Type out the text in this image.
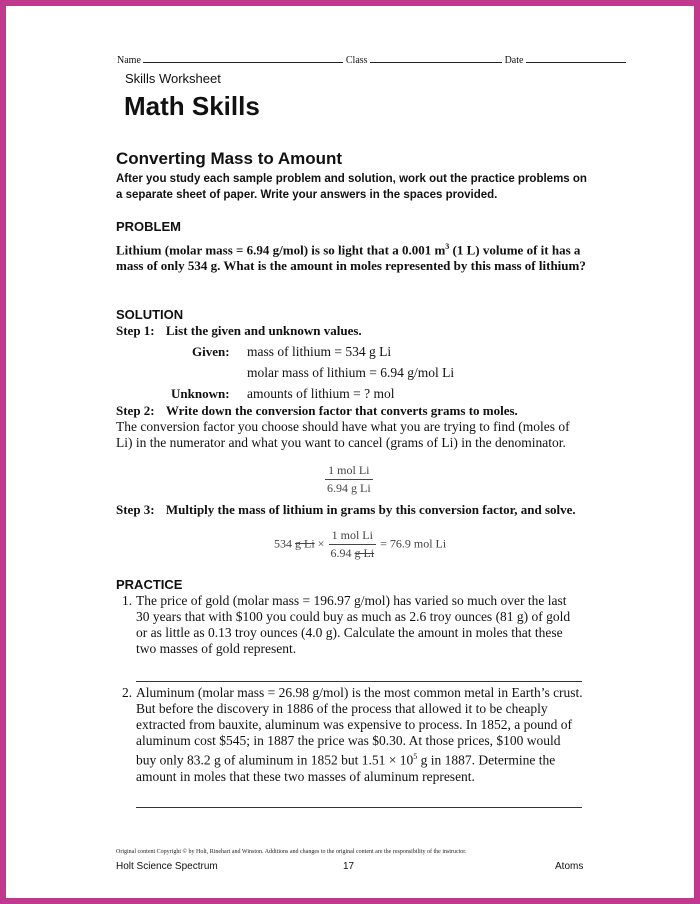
Name	Class	Date
Skills Worksheet
Math Skills
Converting Mass to Amount
After you study each sample problem and solution, work out the practice problems on a separate sheet of paper. Write your answers in the spaces provided.
PROBLEM
Lithium (molar mass = 6.94 g/mol) is so light that a 0.001 $m^3$ (1 L) volume of it has a mass of only 534 g. What is the amount in moles represented by this mass of lithium?
SOLUTION
Step 1: List the given and unknown values.
Given: mass of lithium = 534 g Li
molar mass of lithium = 6.94 g/mol Li
Unknown: amounts of lithium = ? mol
Step 2: Write down the conversion factor that converts grams to moles.
The conversion factor you choose should have what you are trying to find (moles of Li) in the numerator and what you want to cancel (grams of Li) in the denominator.
$\frac{\text{1 mol Li}}{\text{6.94 g Li}}$
Step 3: Multiply the mass of lithium in grams by this conversion factor, and solve.
534 g $Li \times \frac{\text{1 mol Li}}{\text{6.94 g Li}} = 76.9$ mol Li
PRACTICE
1. The price of gold (molar mass = 196.97 g/mol) has varied so much over the last 30 years that with $100 you could buy as much as 2.6 troy ounces (81 g) of gold or as little as 0.13 troy ounces (4.0 g). Calculate the amount in moles that these two masses of gold represent.
2. Aluminum (molar mass = 26.98 g/mol) is the most common metal in Earth’s crust. But before the discovery in 1886 of the process that allowed it to be cheaply extracted from bauxite, aluminum was expensive to process. In 1852, a pound of aluminum cost $545; in 1887 the price was $0.30. At those prices, $100 would buy only 83.2 g of aluminum in 1852 but $1.51 \times 10^5$ g in 1887. Determine the amount in moles that these two masses of aluminum represent.
Original content Copyright © by Holt, Rinehart and Winston. Additions and changes to the original content are the responsibility of the instructor.
Holt Science Spectrum	17	Atoms
